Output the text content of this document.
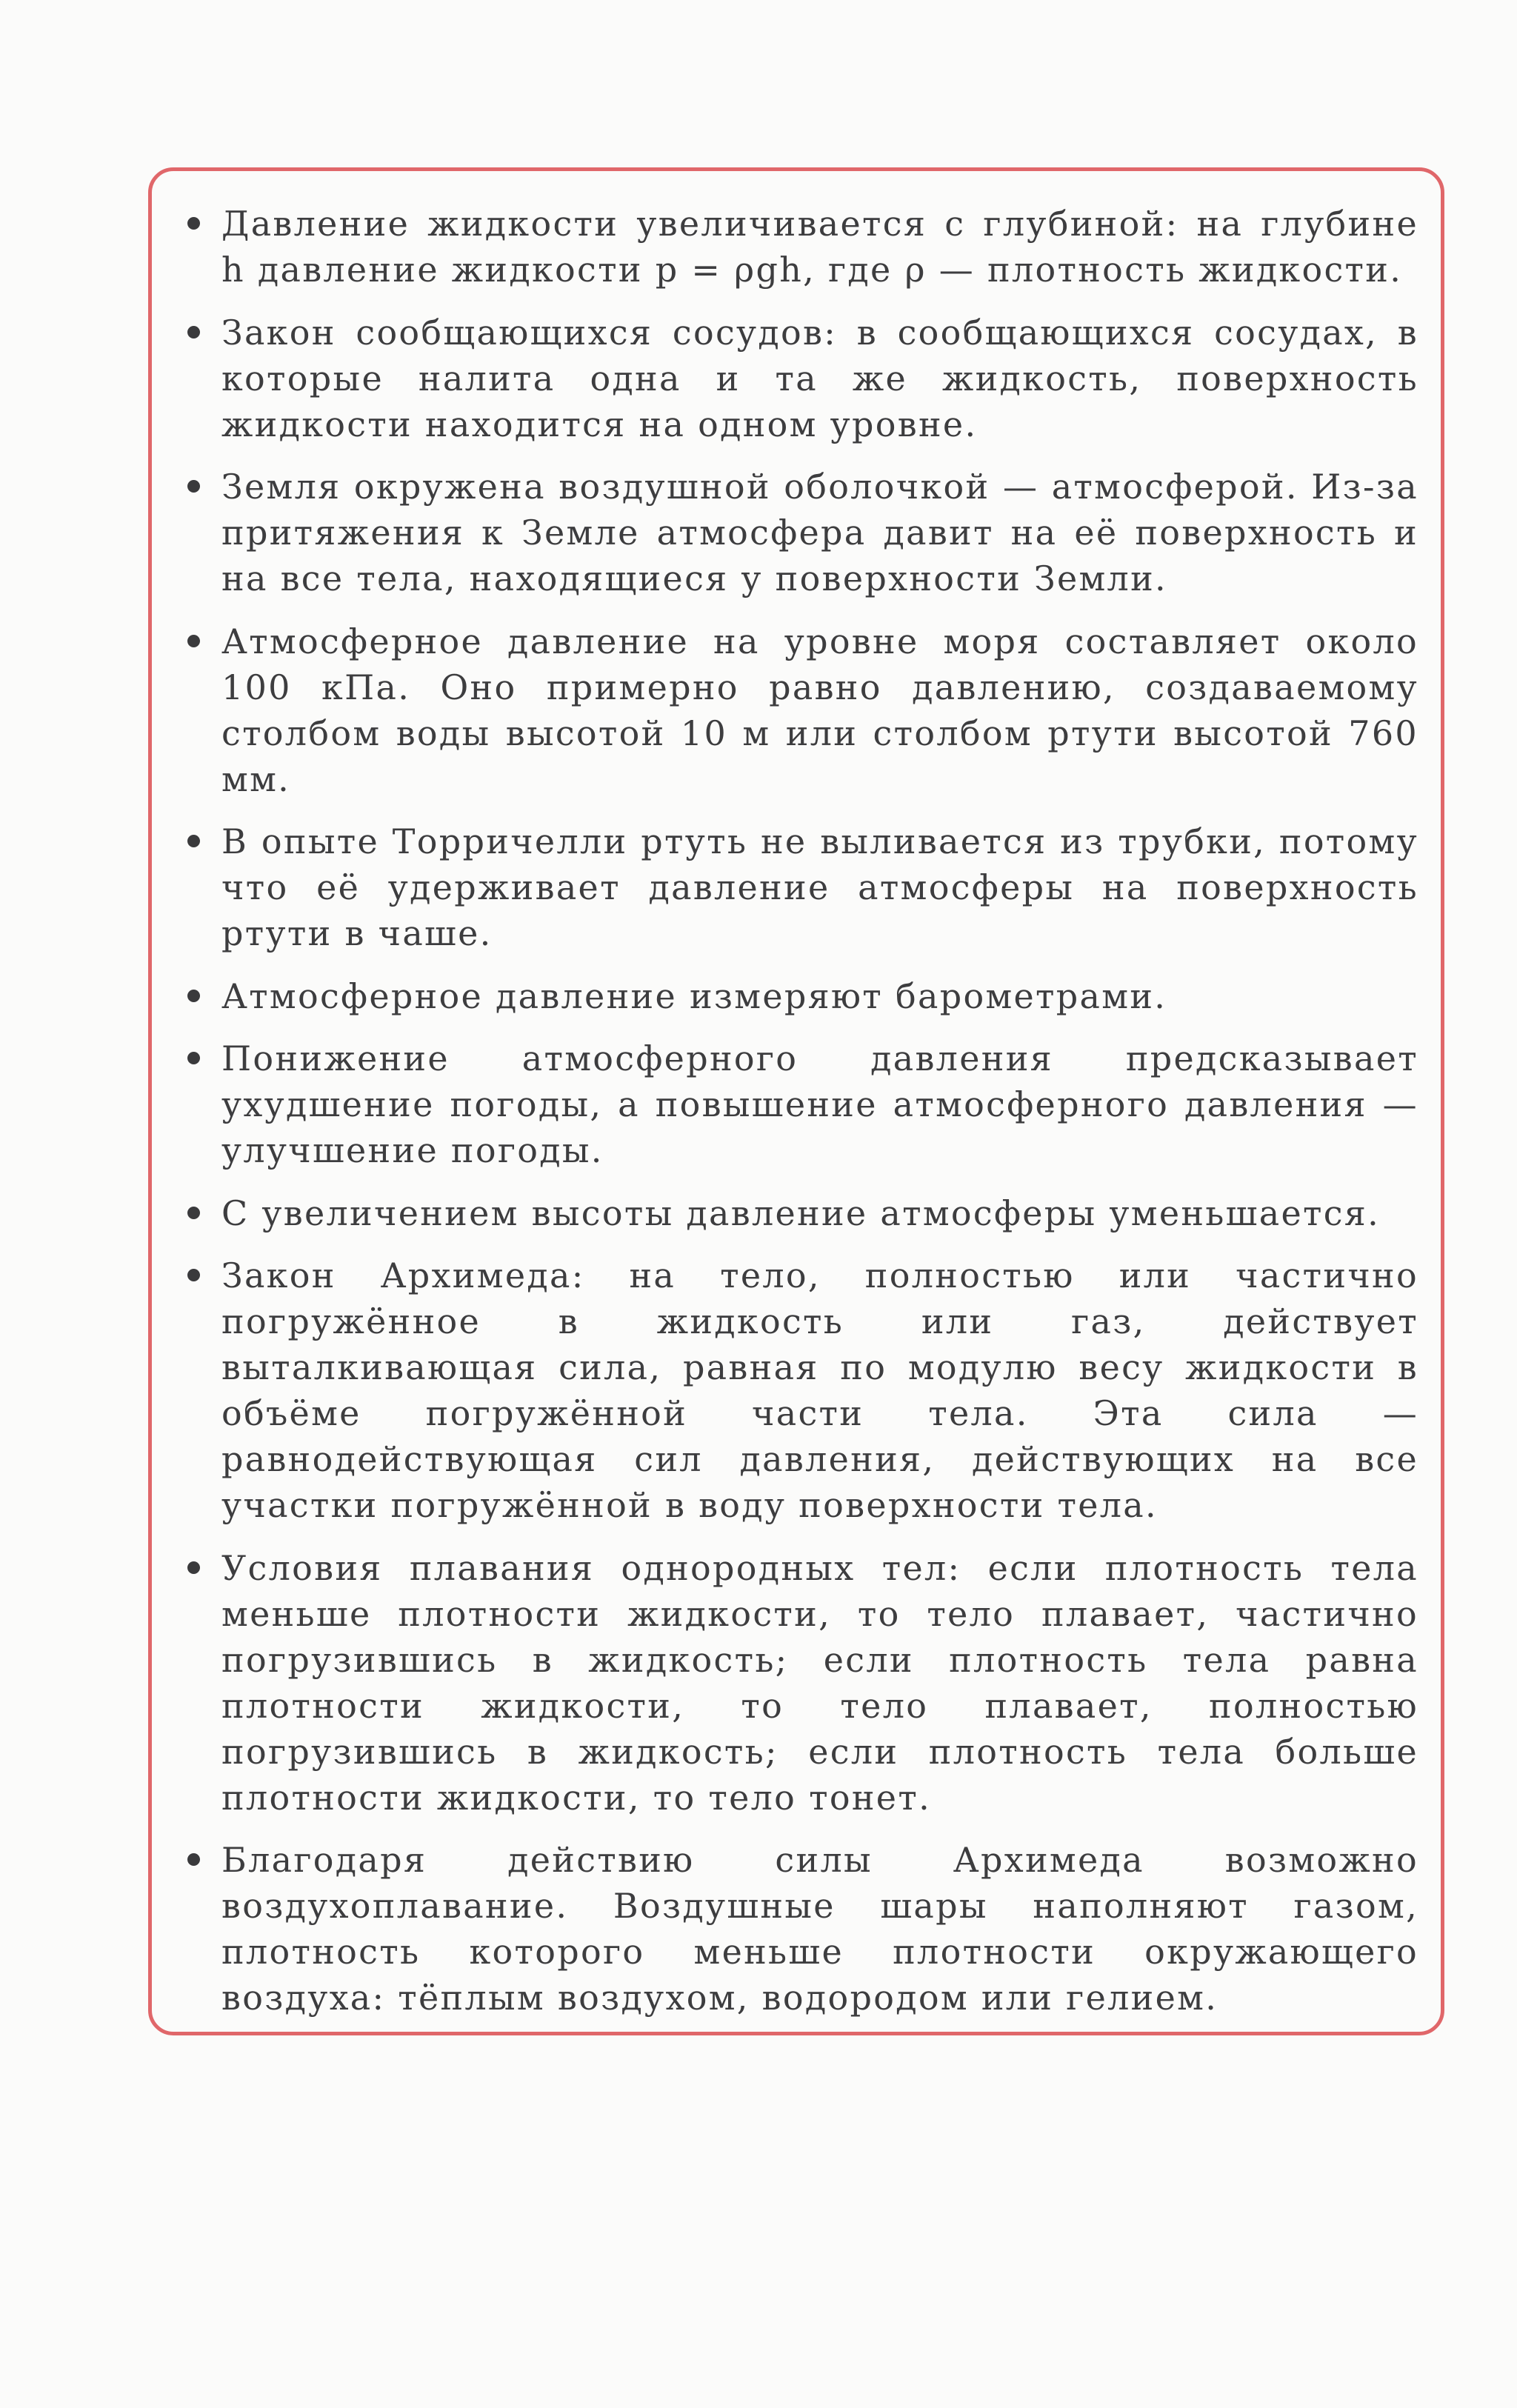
Давление жидкости увеличивается с глубиной: на глубине h давление жидкости p = ρgh, где ρ — плотность жидкости.
Закон сообщающихся сосудов: в сообщающихся сосудах, в которые налита одна и та же жидкость, поверхность жидкости находится на одном уровне.
Земля окружена воздушной оболочкой — атмосферой. Из-за притяжения к Земле атмосфера давит на её поверхность и на все тела, находящиеся у поверхности Земли.
Атмосферное давление на уровне моря составляет около 100 кПа. Оно примерно равно давлению, создаваемому столбом воды высотой 10 м или столбом ртути высотой 760 мм.
В опыте Торричелли ртуть не выливается из трубки, потому что её удерживает давление атмосферы на поверхность ртути в чаше.
Атмосферное давление измеряют барометрами.
Понижение атмосферного давления предсказывает ухудшение погоды, а повышение атмосферного давления — улучшение погоды.
С увеличением высоты давление атмосферы уменьшается.
Закон Архимеда: на тело, полностью или частично погружённое в жидкость или газ, действует выталкивающая сила, равная по модулю весу жидкости в объёме погружённой части тела. Эта сила — равнодействующая сил давления, действующих на все участки погружённой в воду поверхности тела.
Условия плавания однородных тел: если плотность тела меньше плотности жидкости, то тело плавает, частично погрузившись в жидкость; если плотность тела равна плотности жидкости, то тело плавает, полностью погрузившись в жидкость; если плотность тела больше плотности жидкости, то тело тонет.
Благодаря действию силы Архимеда возможно воздухоплавание. Воздушные шары наполняют газом, плотность которого меньше плотности окружающего воздуха: тёплым воздухом, водородом или гелием.
